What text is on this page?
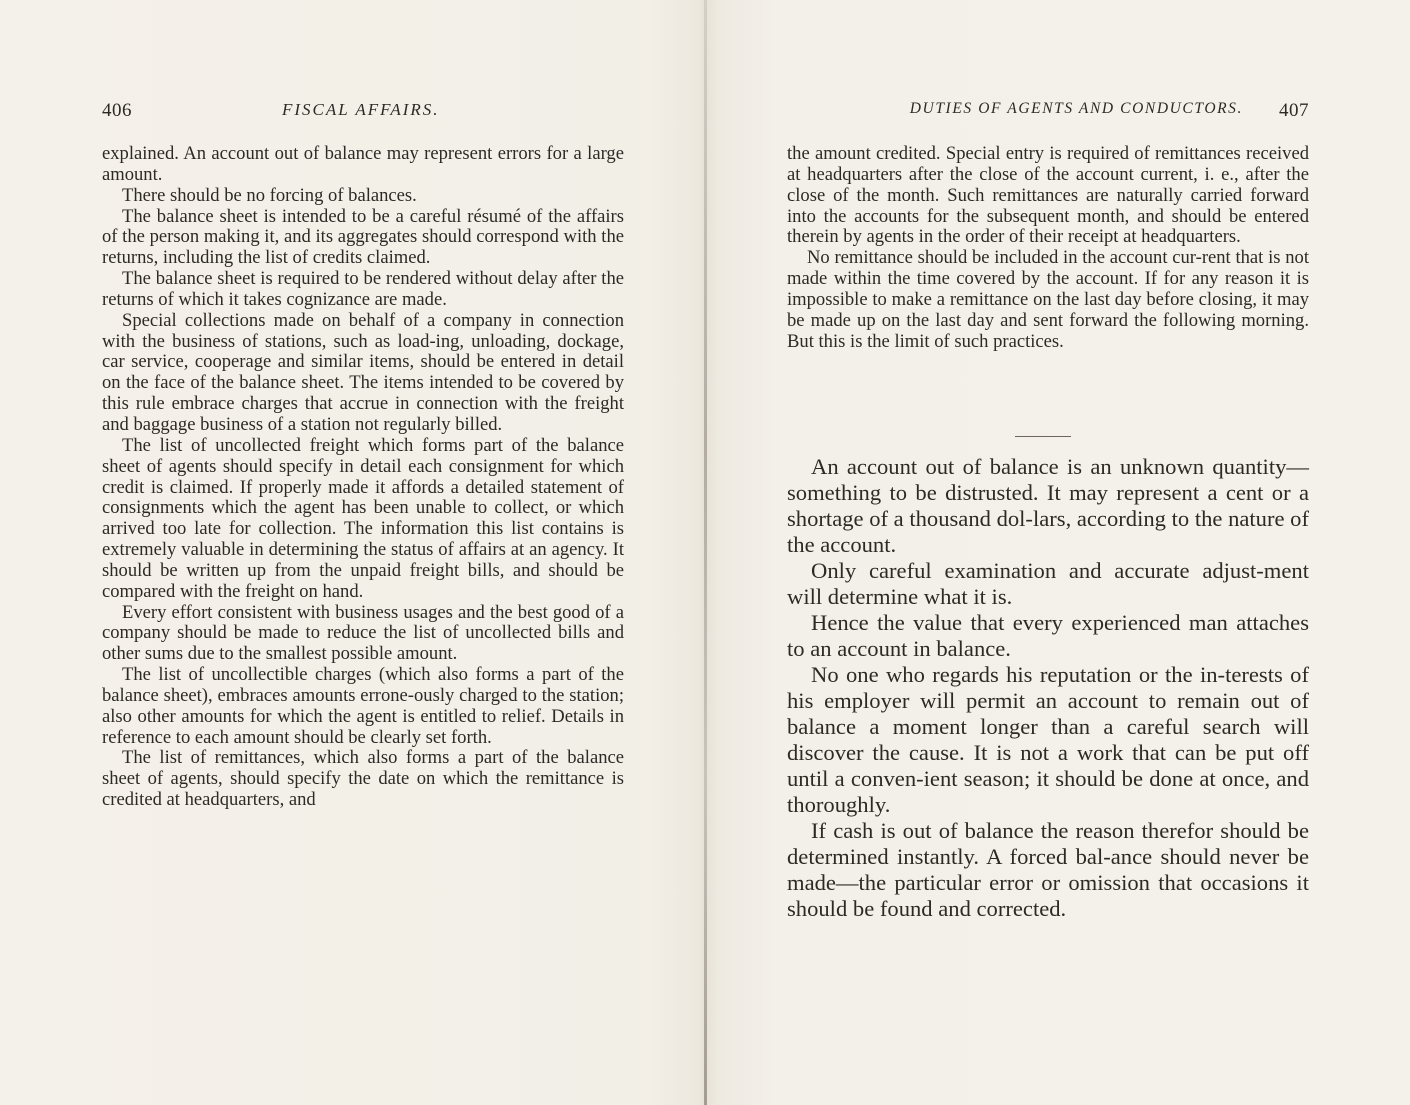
406	FISCAL AFFAIRS.

explained. An account out of balance may represent errors for a large amount.

There should be no forcing of balances.

The balance sheet is intended to be a careful résumé of the affairs of the person making it, and its aggregates should correspond with the returns, including the list of credits claimed.

The balance sheet is required to be rendered without delay after the returns of which it takes cognizance are made.

Special collections made on behalf of a company in connection with the business of stations, such as load-ing, unloading, dockage, car service, cooperage and similar items, should be entered in detail on the face of the balance sheet. The items intended to be covered by this rule embrace charges that accrue in connection with the freight and baggage business of a station not regularly billed.

The list of uncollected freight which forms part of the balance sheet of agents should specify in detail each consignment for which credit is claimed. If properly made it affords a detailed statement of consignments which the agent has been unable to collect, or which arrived too late for collection. The information this list contains is extremely valuable in determining the status of affairs at an agency. It should be written up from the unpaid freight bills, and should be compared with the freight on hand.

Every effort consistent with business usages and the best good of a company should be made to reduce the list of uncollected bills and other sums due to the smallest possible amount.

The list of uncollectible charges (which also forms a part of the balance sheet), embraces amounts errone-ously charged to the station; also other amounts for which the agent is entitled to relief. Details in reference to each amount should be clearly set forth.

The list of remittances, which also forms a part of the balance sheet of agents, should specify the date on which the remittance is credited at headquarters, and

DUTIES OF AGENTS AND CONDUCTORS. 407

the amount credited. Special entry is required of remittances received at headquarters after the close of the account current, i. e., after the close of the month. Such remittances are naturally carried forward into the accounts for the subsequent month, and should be entered therein by agents in the order of their receipt at headquarters.

No remittance should be included in the account cur-rent that is not made within the time covered by the account. If for any reason it is impossible to make a remittance on the last day before closing, it may be made up on the last day and sent forward the following morning. But this is the limit of such practices.

An account out of balance is an unknown quantity—something to be distrusted. It may represent a cent or a shortage of a thousand dol-lars, according to the nature of the account.

Only careful examination and accurate adjust-ment will determine what it is.

Hence the value that every experienced man attaches to an account in balance.

No one who regards his reputation or the in-terests of his employer will permit an account to remain out of balance a moment longer than a careful search will discover the cause. It is not a work that can be put off until a conven-ient season; it should be done at once, and thoroughly.

If cash is out of balance the reason therefor should be determined instantly. A forced bal-ance should never be made—the particular error or omission that occasions it should be found and corrected.
